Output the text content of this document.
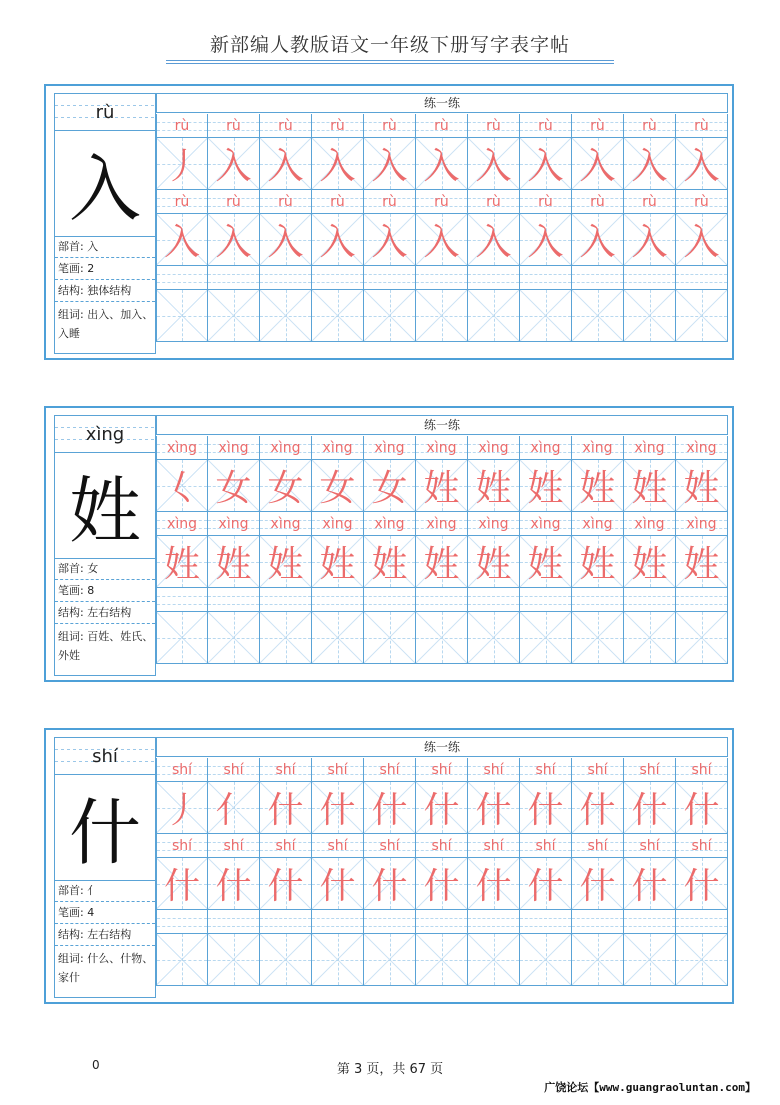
新部编人教版语文一年级下册写字表字帖
rù
入
部首: 入
笔画: 2
结构: 独体结构
组词: 出入、加入、入睡
练一练
rù	rù	rù	rù	rù	rù	rù	rù	rù	rù	rù
丿 入 入 入 入 入 入 入 入 入 入
rù	rù	rù	rù	rù	rù	rù	rù	rù	rù	rù
入 入 入 入 入 入 入 入 入 入 入
xìng
姓
部首: 女
笔画: 8
结构: 左右结构
组词: 百姓、姓氏、外姓
练一练
xìng	xìng	xìng	xìng	xìng	xìng	xìng	xìng	xìng	xìng	xìng
𡿨 女 女 女 女 姓 姓 姓 姓 姓 姓
xìng	xìng	xìng	xìng	xìng	xìng	xìng	xìng	xìng	xìng	xìng
姓 姓 姓 姓 姓 姓 姓 姓 姓 姓 姓
shí
什
部首: 亻
笔画: 4
结构: 左右结构
组词: 什么、什物、家什
练一练
shí	shí	shí	shí	shí	shí	shí	shí	shí	shí	shí
丿 亻 什 什 什 什 什 什 什 什 什
shí	shí	shí	shí	shí	shí	shí	shí	shí	shí	shí
什 什 什 什 什 什 什 什 什 什 什
0	第 3 页，共 67 页
广饶论坛【www.guangraoluntan.com】
